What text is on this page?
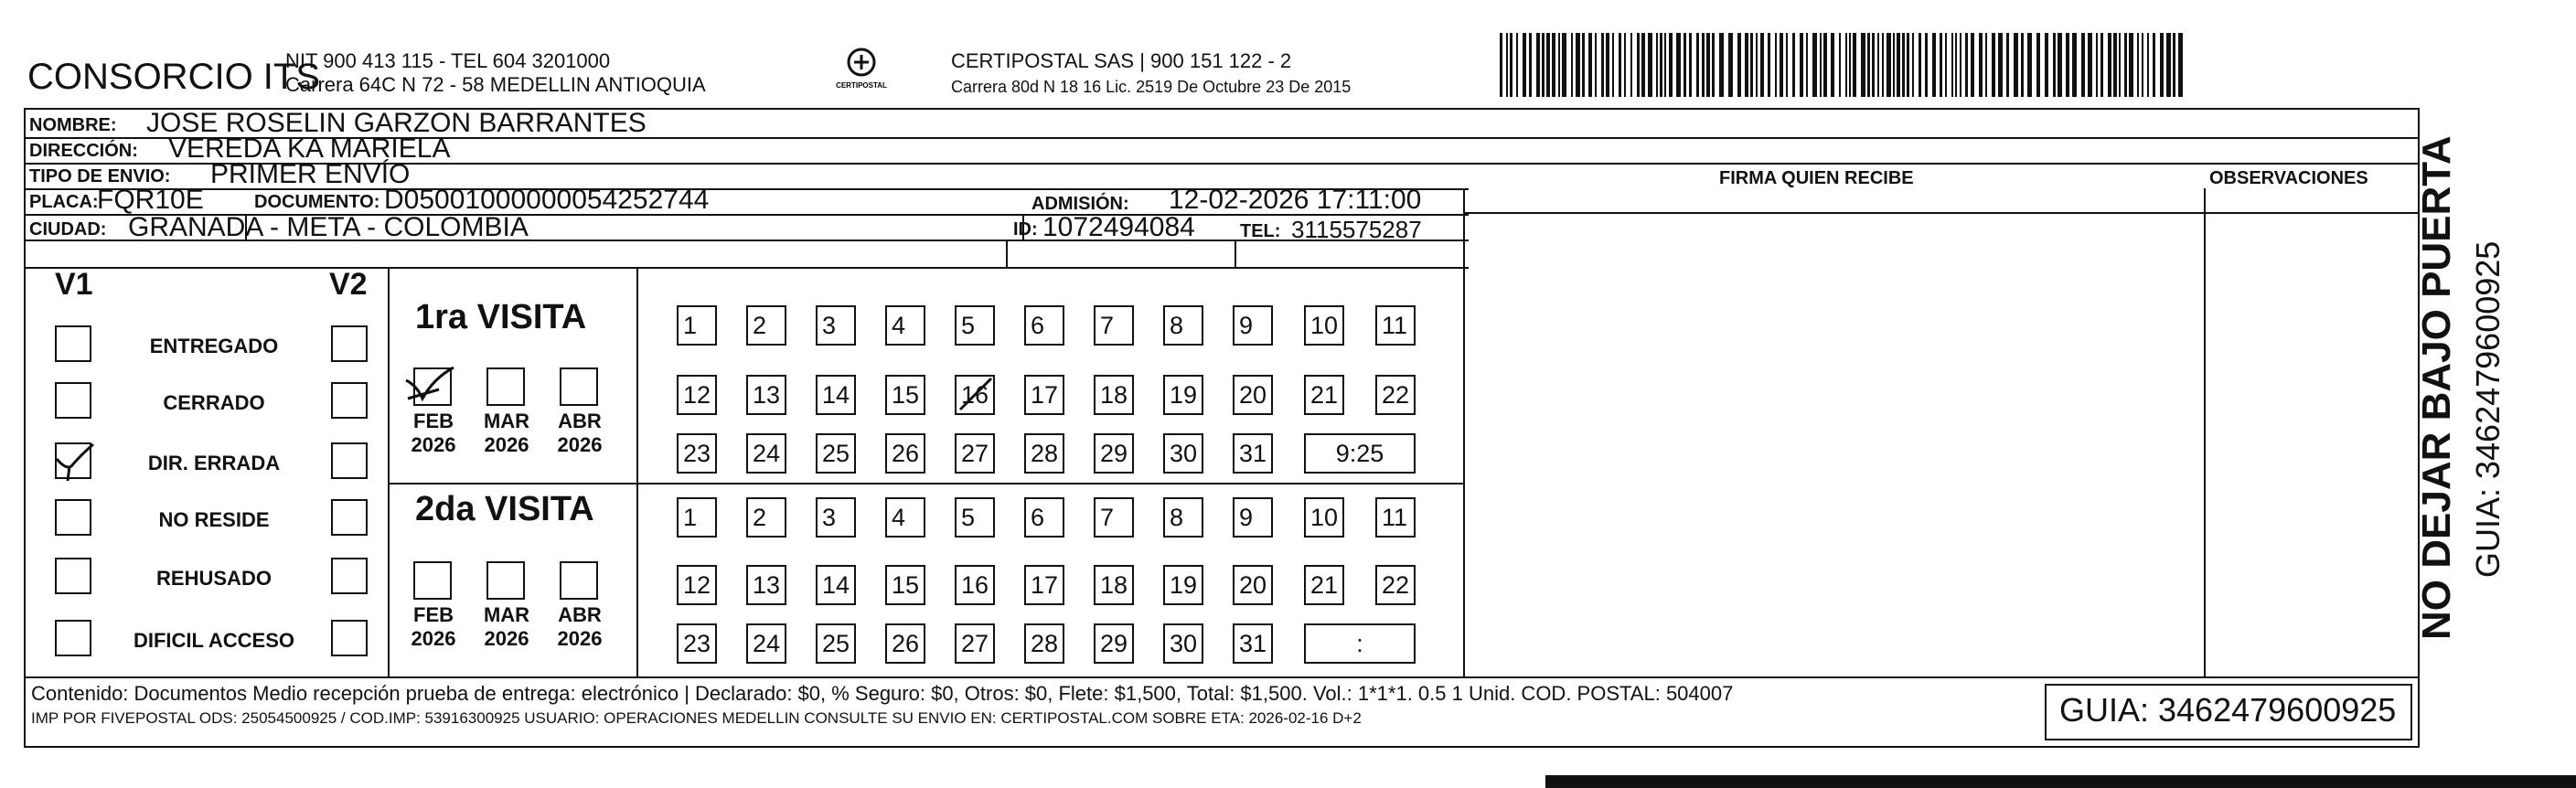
CONSORCIO ITS
NIT 900 413 115 - TEL 604 3201000
Carrera 64C N 72 - 58 MEDELLIN ANTIOQUIA	CERTIPOSTAL
CERTIPOSTAL SAS | 900 151 122 - 2
Carrera 80d N 18 16 Lic. 2519 De Octubre 23 De 2015
NOMBRE: JOSE ROSELIN GARZON BARRANTES
DIRECCIÓN: VEREDA KA MARIELA
TIPO DE ENVIO: PRIMER ENVÍO	FIRMA QUIEN RECIBE	OBSERVACIONES
PLACA:
FQR10E	DOCUMENTO: D05001000000054252744	ADMISIÓN: 12-02-2026 17:11:00
CIUDAD: GRANADA - META - COLOMBIA	ID: 1072494084 TEL: 3115575287
V1	V2
ENTREGADO
CERRADO
DIR. ERRADA
NO RESIDE
REHUSADO
DIFICIL ACCESO
1ra VISITA
2da VISITA
1	2	3	4	5	6	7	8	9	10 11
12 13 14 15 16 17 18 19 20 21 22
23 24 25 26 27 28 29 30 31	9:25
FEB
2026
MAR
2026
ABR
2026
1	2	3	4	5	6	7	8	9	10 11
12 13 14 15 16 17 18 19 20 21 22
23 24 25 26 27 28 29 30 31	:
FEB
2026
MAR
2026
ABR
2026
Contenido: Documentos Medio recepción prueba de entrega: electrónico | Declarado: $0, % Seguro: $0, Otros: $0, Flete: $1,500, Total: $1,500. Vol.: 1*1*1. 0.5 1 Unid. COD. POSTAL: 504007
IMP POR FIVEPOSTAL ODS: 25054500925 / COD.IMP: 53916300925 USUARIO: OPERACIONES MEDELLIN CONSULTE SU ENVIO EN: CERTIPOSTAL.COM SOBRE ETA: 2026-02-16 D+2	GUIA: 3462479600925
NO DEJAR BAJO PUERTA GUIA: 3462479600925
